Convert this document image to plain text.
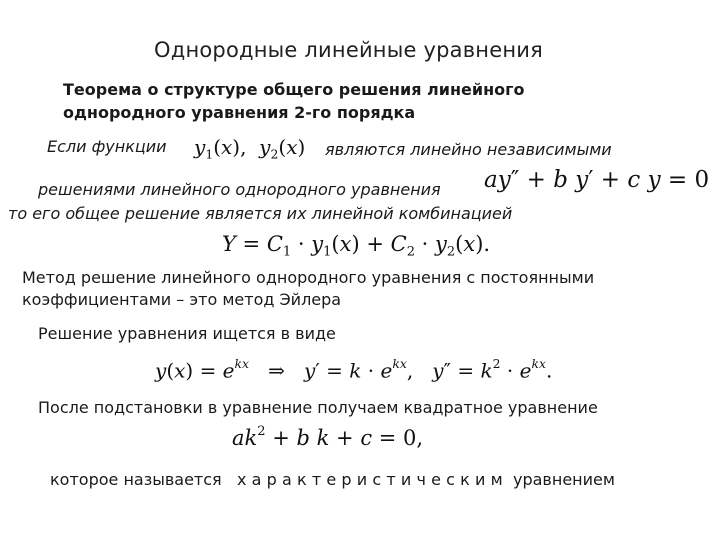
Однородные линейные уравнения
Теорема о структуре общего решения линейного
однородного уравнения 2-го порядка
Если функции $y_1(x)$,  $y_2(x)$ являются линейно независимыми
решениями линейного однородного уравнения ay″ + b y′ + c y = 0
то его общее решение является их линейной комбинацией
$Y = C_1 \cdot y_1(x) + C_2 \cdot y_2(x)$.
Метод решение линейного однородного уравнения с постоянными
коэффициентами – это метод Эйлера
Решение уравнения ищется в виде
$y(x) = e^{kx}$ ⇒   $y' = k \cdot e^{kx}$,   $y'' = k^2 \cdot e^{kx}$.
После подстановки в уравнение получаем квадратное уравнение
$ak^2 + b$ k + c = 0,
которое называется характеристическим уравнением
